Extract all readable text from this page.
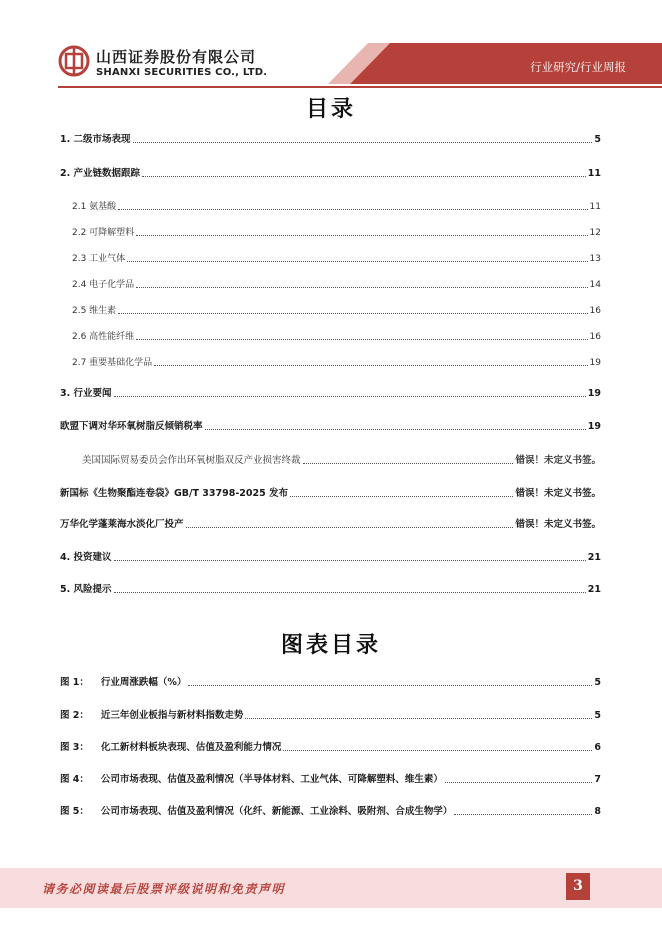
山西证券股份有限公司
SHANXI SECURITIES CO., LTD.	行业研究/行业周报
目录
1. 二级市场表现	5
2. 产业链数据跟踪	11
2.1 氨基酸	11
2.2 可降解塑料	12
2.3 工业气体	13
2.4 电子化学品	14
2.5 维生素	16
2.6 高性能纤维	16
2.7 重要基础化学品	19
3. 行业要闻	19
欧盟下调对华环氧树脂反倾销税率	19
美国国际贸易委员会作出环氧树脂双反产业损害终裁	错误！未定义书签。
新国标《生物聚酯连卷袋》GB/T 33798-2025 发布	错误！未定义书签。
万华化学蓬莱海水淡化厂投产	错误！未定义书签。
4. 投资建议	21
5. 风险提示	21
图表目录
图 1： 行业周涨跌幅（%）	5
图 2： 近三年创业板指与新材料指数走势	5
图 3： 化工新材料板块表现、估值及盈利能力情况	6
图 4： 公司市场表现、估值及盈利情况（半导体材料、工业气体、可降解塑料、维生素）	7
图 5： 公司市场表现、估值及盈利情况（化纤、新能源、工业涂料、吸附剂、合成生物学）	8
请务必阅读最后股票评级说明和免责声明	3
